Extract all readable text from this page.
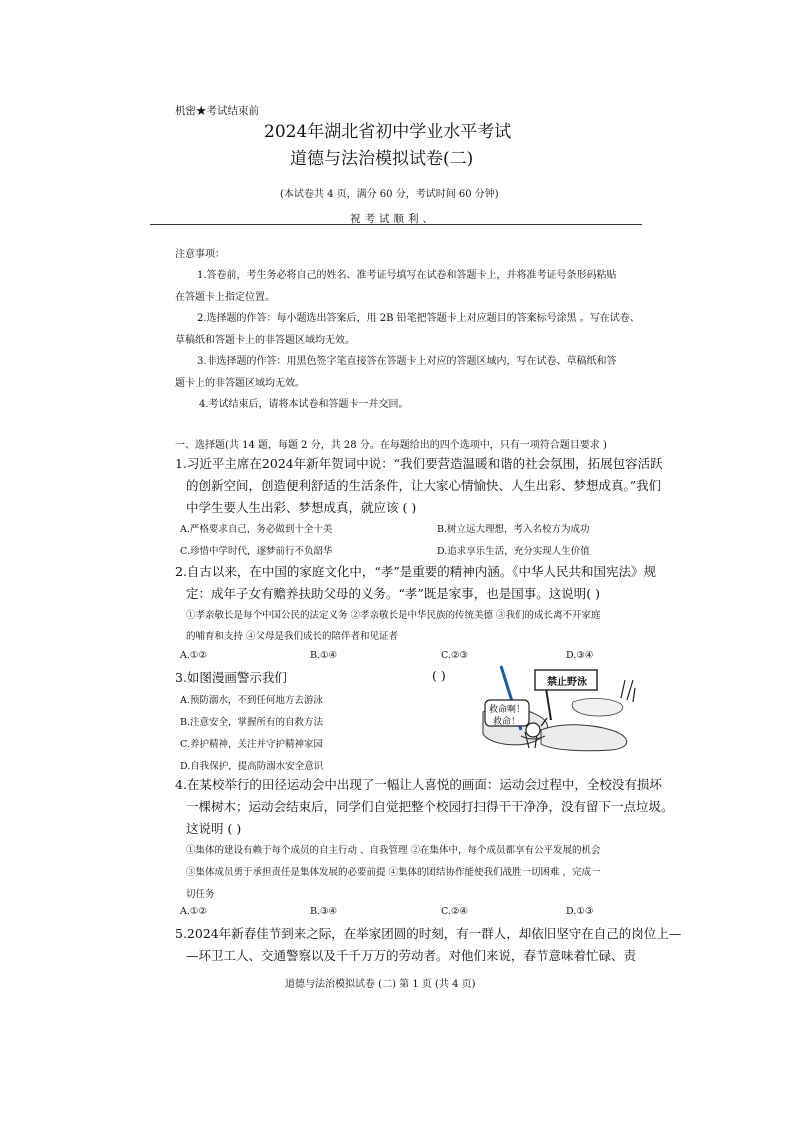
机密★考试结束前
2024年湖北省初中学业水平考试
道德与法治模拟试卷(二)
(本试卷共 4 页，满分 60 分，考试时间 60 分钟)
祝考试顺利、
注意事项：
1.答卷前，考生务必将自己的姓名、准考证号填写在试卷和答题卡上，并将准考证号条形码粘贴
在答题卡上指定位置。
2.选择题的作答：每小题选出答案后，用 2B 铅笔把答题卡上对应题目的答案标号涂黑 。写在试卷、
草稿纸和答题卡上的非答题区域均无效。
3.非选择题的作答：用黑色签字笔直接答在答题卡上对应的答题区域内，写在试卷、草稿纸和答
题卡上的非答题区域均无效。
4.考试结束后，请将本试卷和答题卡一并交回。
一、选择题(共 14 题，每题 2 分，共 28 分。在每题给出的四个选项中，只有一项符合题目要求 )
1.习近平主席在2024年新年贺词中说：“我们要营造温暖和谐的社会氛围，拓展包容活跃
的创新空间，创造便利舒适的生活条件，让大家心情愉快、人生出彩、梦想成真。”我们
中学生要人生出彩、梦想成真，就应该 ( )
A.严格要求自己，务必做到十全十美	B.树立远大理想，考入名校方为成功
C.珍惜中学时代，逐梦前行不负韶华	D.追求享乐生活，充分实现人生价值
2.自古以来，在中国的家庭文化中，“孝”是重要的精神内涵。《中华人民共和国宪法》规
定：成年子女有赡养扶助父母的义务。“孝”既是家事，也是国事。这说明( )
①孝亲敬长是每个中国公民的法定义务 ②孝亲敬长是中华民族的传统美德 ③我们的成长离不开家庭
的哺育和支持 ④父母是我们成长的陪伴者和见证者
A.①②	B.①④	C.②③	D.③④
3.如图漫画警示我们	( )
A.预防溺水，不到任何地方去游泳
B.注意安全，掌握所有的自救方法
C.养护精神，关注并守护精神家园
D.自我保护，提高防溺水安全意识
禁止野泳
救命啊！
救命！
4.在某校举行的田径运动会中出现了一幅让人喜悦的画面：运动会过程中，全校没有损坏
一棵树木；运动会结束后，同学们自觉把整个校园打扫得干干净净，没有留下一点垃圾。
这说明 ( )
①集体的建设有赖于每个成员的自主行动 、自我管理 ②在集体中，每个成员都享有公平发展的机会
③集体成员勇于承担责任是集体发展的必要前提 ④集体的团结协作能使我们战胜一切困难 ，完成一
切任务
A.①②	B.③④	C.②④	D.①③
5.2024年新春佳节到来之际，在举家团圆的时刻，有一群人，却依旧坚守在自己的岗位上—
—环卫工人、交通警察以及千千万万的劳动者。对他们来说，春节意味着忙碌、责
道德与法治模拟试卷 (二) 第 1 页 (共 4 页)
